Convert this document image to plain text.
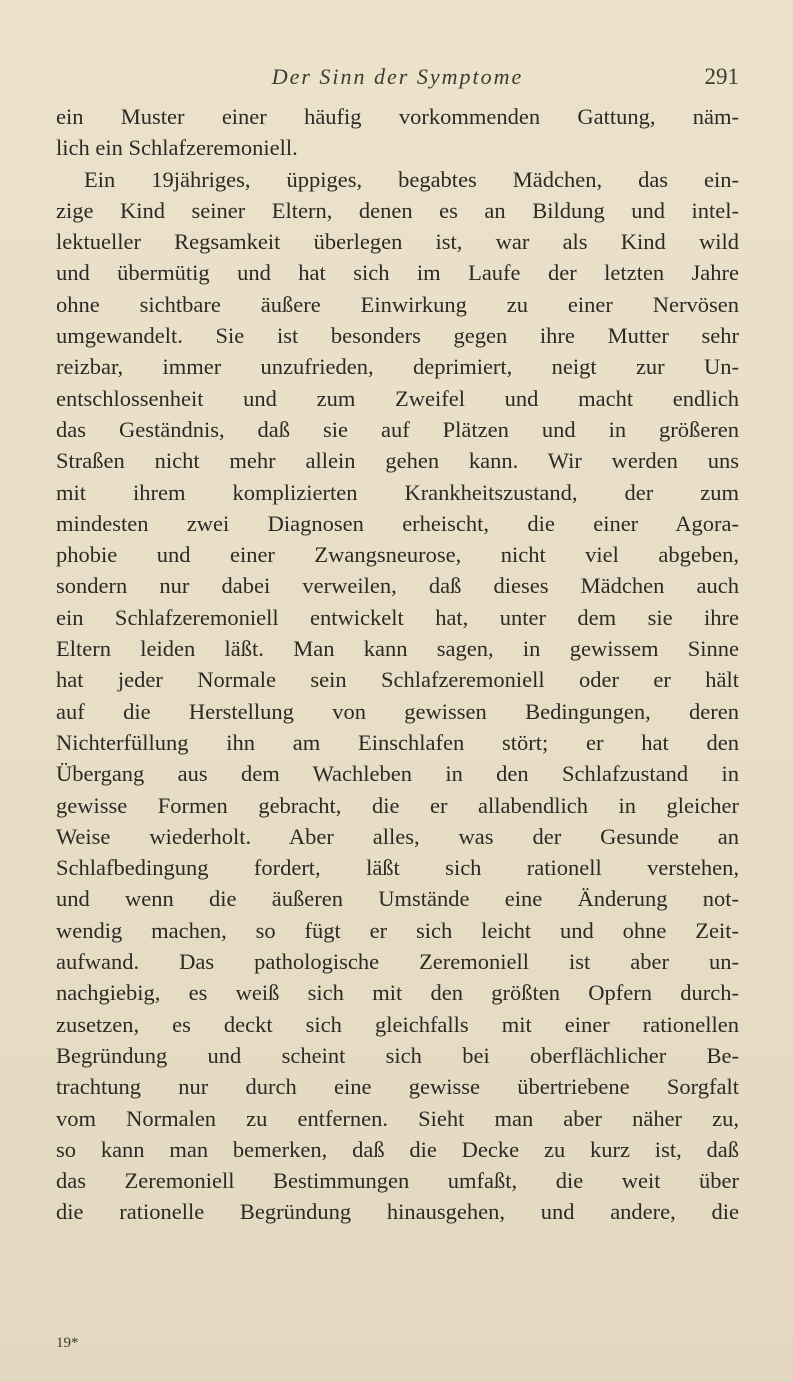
Der Sinn der Symptome	291
ein Muster einer häufig vorkommenden Gattung, näm-
lich ein Schlafzeremoniell.
Ein 19jähriges, üppiges, begabtes Mädchen, das ein-
zige Kind seiner Eltern, denen es an Bildung und intel-
lektueller Regsamkeit überlegen ist, war als Kind wild
und übermütig und hat sich im Laufe der letzten Jahre
ohne sichtbare äußere Einwirkung zu einer Nervösen
umgewandelt. Sie ist besonders gegen ihre Mutter sehr
reizbar, immer unzufrieden, deprimiert, neigt zur Un-
entschlossenheit und zum Zweifel und macht endlich
das Geständnis, daß sie auf Plätzen und in größeren
Straßen nicht mehr allein gehen kann. Wir werden uns
mit ihrem komplizierten Krankheitszustand, der zum
mindesten zwei Diagnosen erheischt, die einer Agora-
phobie und einer Zwangsneurose, nicht viel abgeben,
sondern nur dabei verweilen, daß dieses Mädchen auch
ein Schlafzeremoniell entwickelt hat, unter dem sie ihre
Eltern leiden läßt. Man kann sagen, in gewissem Sinne
hat jeder Normale sein Schlafzeremoniell oder er hält
auf die Herstellung von gewissen Bedingungen, deren
Nichterfüllung ihn am Einschlafen stört; er hat den
Übergang aus dem Wachleben in den Schlafzustand in
gewisse Formen gebracht, die er allabendlich in gleicher
Weise wiederholt. Aber alles, was der Gesunde an
Schlafbedingung fordert, läßt sich rationell verstehen,
und wenn die äußeren Umstände eine Änderung not-
wendig machen, so fügt er sich leicht und ohne Zeit-
aufwand. Das pathologische Zeremoniell ist aber un-
nachgiebig, es weiß sich mit den größten Opfern durch-
zusetzen, es deckt sich gleichfalls mit einer rationellen
Begründung und scheint sich bei oberflächlicher Be-
trachtung nur durch eine gewisse übertriebene Sorgfalt
vom Normalen zu entfernen. Sieht man aber näher zu,
so kann man bemerken, daß die Decke zu kurz ist, daß
das Zeremoniell Bestimmungen umfaßt, die weit über
die rationelle Begründung hinausgehen, und andere, die
19*
